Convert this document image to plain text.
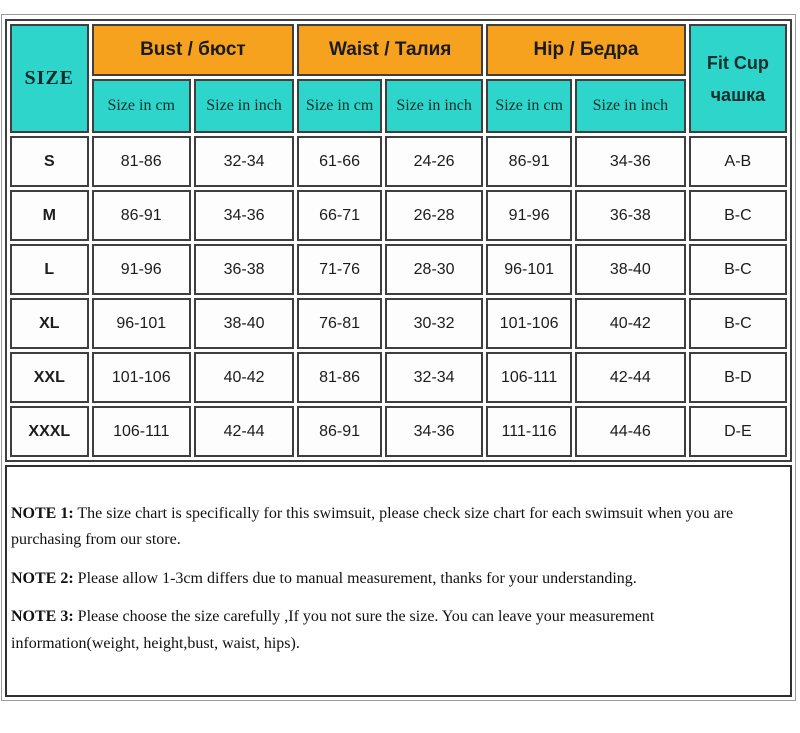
SIZE	Bust / бюст		Waist / Талия		Hip / Бедра		Fit Cup
чашка

	Size in cm	Size in inch	Size in cm	Size in inch	Size in cm	Size in inch	
S	81-86	32-34	61-66	24-26	86-91	34-36	A-B
M	86-91	34-36	66-71	26-28	91-96	36-38	B-C
L	91-96	36-38	71-76	28-30	96-101	38-40	B-C
XL	96-101	38-40	76-81	30-32	101-106	40-42	B-C
XXL	101-106	40-42	81-86	32-34	106-111	42-44	B-D
XXXL	106-111	42-44	86-91	34-36	111-116	44-46	D-E

NOTE 1: The size chart is specifically for this swimsuit, please check size chart for each swimsuit when you are purchasing from our store.

NOTE 2: Please allow 1-3cm differs due to manual measurement, thanks for your understanding.

NOTE 3: Please choose the size carefully ,If you not sure the size. You can leave your measurement information(weight, height,bust, waist, hips).
